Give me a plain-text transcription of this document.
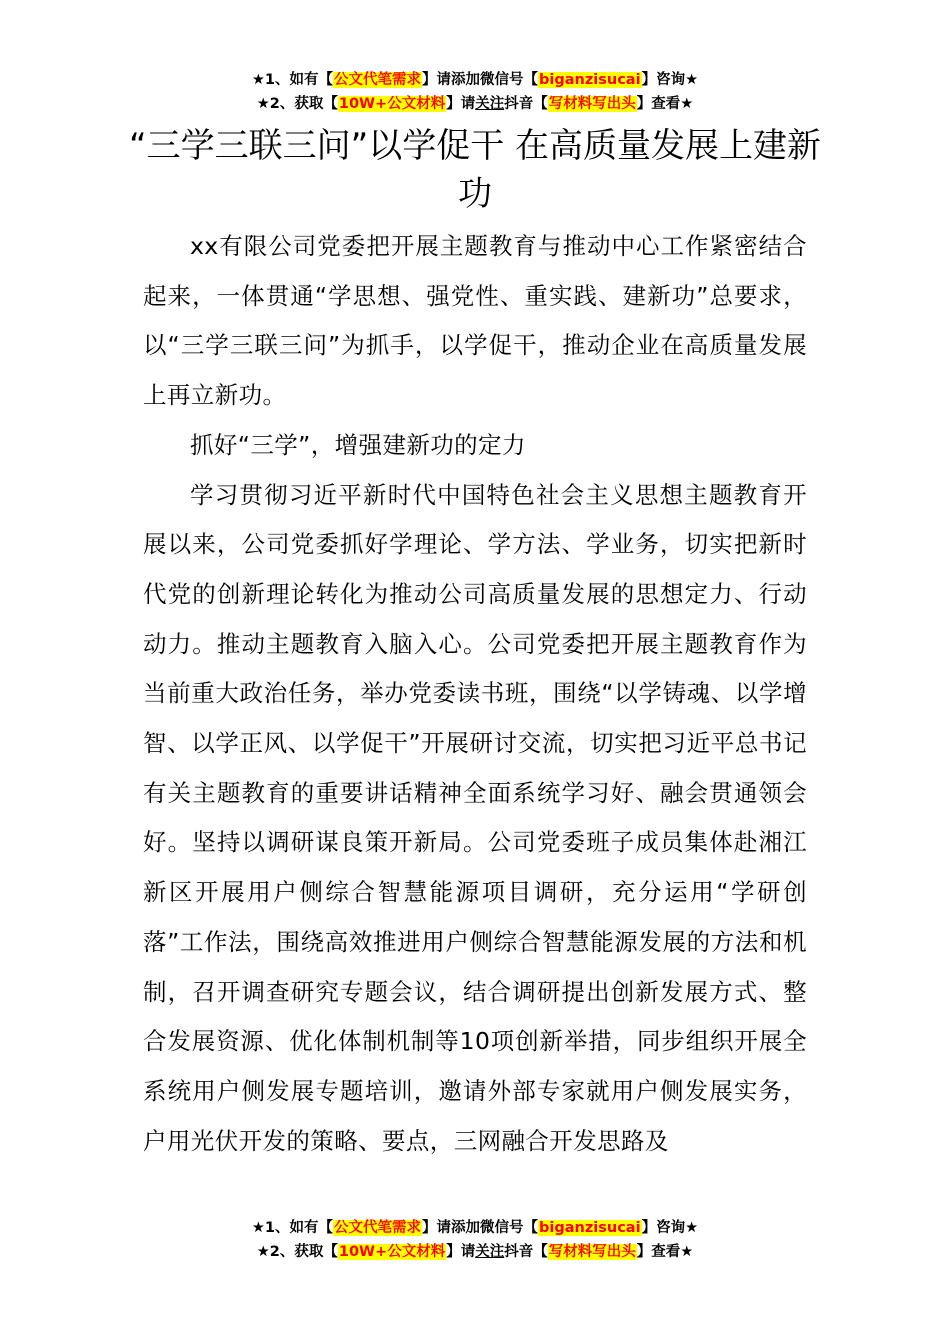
★1、如有【公文代笔需求】请添加微信号【biganzisucai】咨询★
★2、获取【10W+公文材料】请关注抖音【写材料写出头】查看★
“三学三联三问”以学促干 在高质量发展上建新功

xx有限公司党委把开展主题教育与推动中心工作紧密结合起来，一体贯通“学思想、强党性、重实践、建新功”总要求，以“三学三联三问”为抓手，以学促干，推动企业在高质量发展上再立新功。

抓好“三学”，增强建新功的定力

学习贯彻习近平新时代中国特色社会主义思想主题教育开展以来，公司党委抓好学理论、学方法、学业务，切实把新时代党的创新理论转化为推动公司高质量发展的思想定力、行动动力。推动主题教育入脑入心。公司党委把开展主题教育作为当前重大政治任务，举办党委读书班，围绕“以学铸魂、以学增智、以学正风、以学促干”开展研讨交流，切实把习近平总书记有关主题教育的重要讲话精神全面系统学习好、融会贯通领会好。坚持以调研谋良策开新局。公司党委班子成员集体赴湘江新区开展用户侧综合智慧能源项目调研，充分运用“学研创落”工作法，围绕高效推进用户侧综合智慧能源发展的方法和机制，召开调查研究专题会议，结合调研提出创新发展方式、整合发展资源、优化体制机制等10项创新举措，同步组织开展全系统用户侧发展专题培训，邀请外部专家就用户侧发展实务，户用光伏开发的策略、要点，三网融合开发思路及

★1、如有【公文代笔需求】请添加微信号【biganzisucai】咨询★
★2、获取【10W+公文材料】请关注抖音【写材料写出头】查看★
